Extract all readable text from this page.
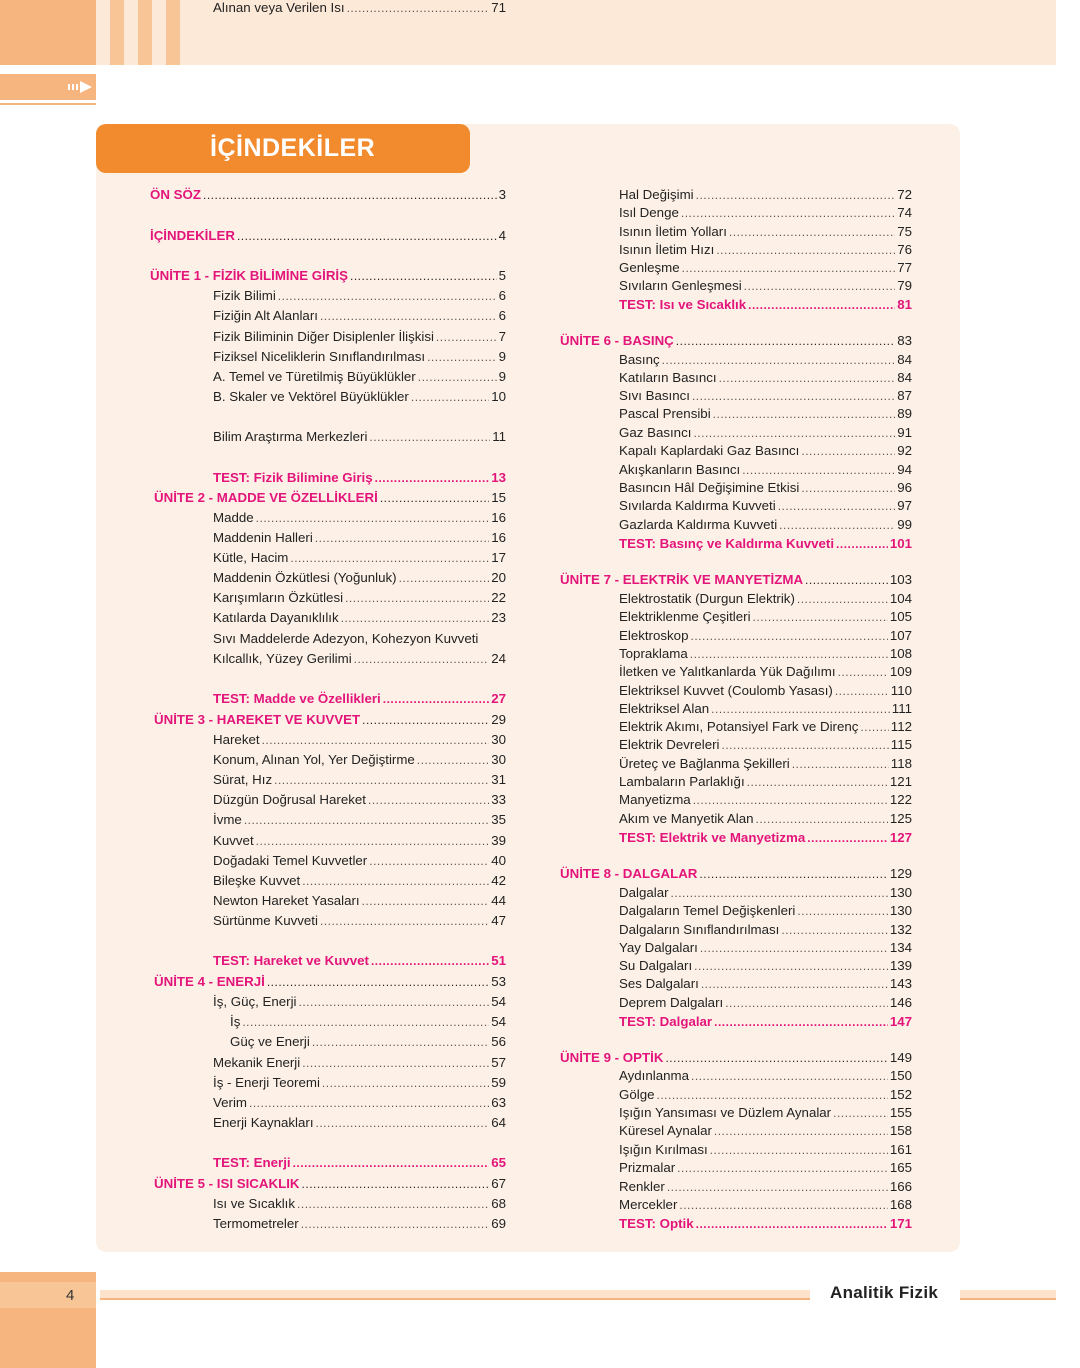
İÇİNDEKİLER
ÖN SÖZ .....	3
İÇİNDEKİLER .....	4
ÜNİTE 1 - FİZİK BİLİMİNE GİRİŞ .....	5
Fizik Bilimi .....	6
Fiziğin Alt Alanları .....	6
Fizik Biliminin Diğer Disiplenler İlişkisi .....	7
Fiziksel Niceliklerin Sınıflandırılması .....	9
A. Temel ve Türetilmiş Büyüklükler .....	9
B. Skaler ve Vektörel Büyüklükler .....	10
Bilim Araştırma Merkezleri .....	11
TEST: Fizik Bilimine Giriş .....	13
ÜNİTE 2 - MADDE VE ÖZELLİKLERİ .....	15
Madde .....	16
Maddenin Halleri .....	16
Kütle, Hacim .....	17
Maddenin Özkütlesi (Yoğunluk) .....	20
Karışımların Özkütlesi .....	22
Katılarda Dayanıklılık .....	23
Sıvı Maddelerde Adezyon, Kohezyon Kuvveti
Kılcallık, Yüzey Gerilimi .....	24
TEST: Madde ve Özellikleri .....	27
ÜNİTE 3 - HAREKET VE KUVVET .....	29
Hareket .....	30
Konum, Alınan Yol, Yer Değiştirme .....	30
Sürat, Hız .....	31
Düzgün Doğrusal Hareket .....	33
İvme .....	35
Kuvvet .....	39
Doğadaki Temel Kuvvetler .....	40
Bileşke Kuvvet .....	42
Newton Hareket Yasaları .....	44
Sürtünme Kuvveti .....	47
TEST: Hareket ve Kuvvet .....	51
ÜNİTE 4 - ENERJİ .....	53
İş, Güç, Enerji .....	54
İş .....	54
Güç ve Enerji .....	56
Mekanik Enerji .....	57
İş - Enerji Teoremi .....	59
Verim .....	63
Enerji Kaynakları .....	64
TEST: Enerji .....	65
ÜNİTE 5 - ISI SICAKLIK .....	67
Isı ve Sıcaklık .....	68
Termometreler .....	69
Alınan veya Verilen Isı .....	71
Hal Değişimi .....	72
Isıl Denge .....	74
Isının İletim Yolları .....	75
Isının İletim Hızı .....	76
Genleşme .....	77
Sıvıların Genleşmesi .....	79
TEST: Isı ve Sıcaklık .....	81
ÜNİTE 6 - BASINÇ .....	83
Basınç .....	84
Katıların Basıncı .....	84
Sıvı Basıncı .....	87
Pascal Prensibi .....	89
Gaz Basıncı .....	91
Kapalı Kaplardaki Gaz Basıncı .....	92
Akışkanların Basıncı .....	94
Basıncın Hâl Değişimine Etkisi .....	96
Sıvılarda Kaldırma Kuvveti .....	97
Gazlarda Kaldırma Kuvveti .....	99
TEST: Basınç ve Kaldırma Kuvveti .....	101
ÜNİTE 7 - ELEKTRİK VE MANYETİZMA .....	103
Elektrostatik (Durgun Elektrik) .....	104
Elektriklenme Çeşitleri .....	105
Elektroskop .....	107
Topraklama .....	108
İletken ve Yalıtkanlarda Yük Dağılımı .....	109
Elektriksel Kuvvet (Coulomb Yasası) .....	110
Elektriksel Alan .....	111
Elektrik Akımı, Potansiyel Fark ve Direnç ..... 112
Elektrik Devreleri .....	115
Üreteç ve Bağlanma Şekilleri .....	118
Lambaların Parlaklığı .....	121
Manyetizma .....	122
Akım ve Manyetik Alan .....	125
TEST: Elektrik ve Manyetizma .....	127
ÜNİTE 8 - DALGALAR .....	129
Dalgalar .....	130
Dalgaların Temel Değişkenleri .....	130
Dalgaların Sınıflandırılması .....	132
Yay Dalgaları .....	134
Su Dalgaları .....	139
Ses Dalgaları .....	143
Deprem Dalgaları .....	146
TEST: Dalgalar .....	147
ÜNİTE 9 - OPTİK .....	149
Aydınlanma .....	150
Gölge .....	152
Işığın Yansıması ve Düzlem Aynalar .....	155
Küresel Aynalar .....	158
Işığın Kırılması .....	161
Prizmalar .....	165
Renkler .....	166
Mercekler .....	168
TEST: Optik .....	171
4	Analitik Fizik
